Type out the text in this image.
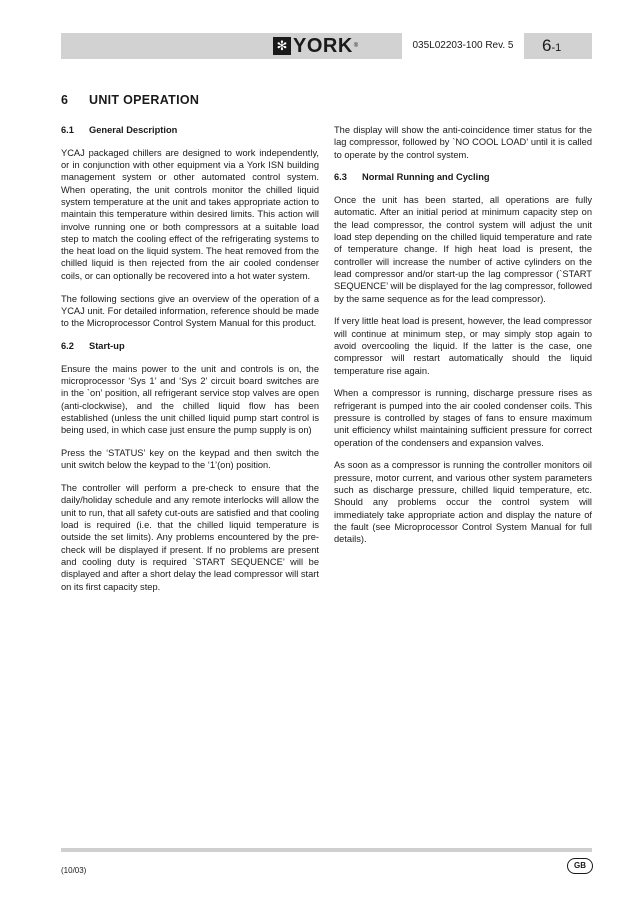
✻ YORK ®	035L02203-100 Rev. 5	6-1
6 UNIT OPERATION
6.1 General Description

YCAJ packaged chillers are designed to work independently, or in conjunction with other equipment via a York ISN building management system or other automated control system. When operating, the unit controls monitor the chilled liquid system temperature at the unit and takes appropriate action to maintain this temperature within desired limits. This action will involve running one or both compressors at a suitable load step to match the cooling effect of the refrigerating systems to the heat load on the liquid system. The heat removed from the chilled liquid is then rejected from the air cooled condenser coils, or can optionally be recovered into a hot water system.

The following sections give an overview of the operation of a YCAJ unit. For detailed information, reference should be made to the Microprocessor Control System Manual for this product.

6.2 Start-up

Ensure the mains power to the unit and controls is on, the microprocessor ‘Sys 1’ and ‘Sys 2’ circuit board switches are in the `on’ position, all refrigerant service stop valves are open (anti-clockwise), and the chilled liquid flow has been established (unless the unit chilled liquid pump start control is being used, in which case just ensure the pump supply is on)

Press the ‘STATUS’ key on the keypad and then switch the unit switch below the keypad to the ‘1’(on) position.

The controller will perform a pre-check to ensure that the daily/holiday schedule and any remote interlocks will allow the unit to run, that all safety cut-outs are satisfied and that cooling load is required (i.e. that the chilled liquid temperature is outside the set limits). Any problems encountered by the pre-check will be displayed if present. If no problems are present and cooling duty is required `START SEQUENCE’ will be displayed and after a short delay the lead compressor will start on its first capacity step.

The display will show the anti-coincidence timer status for the lag compressor, followed by `NO COOL LOAD’ until it is called to operate by the control system.

6.3 Normal Running and Cycling

Once the unit has been started, all operations are fully automatic. After an initial period at minimum capacity step on the lead compressor, the control system will adjust the unit load step depending on the chilled liquid temperature and rate of temperature change. If high heat load is present, the controller will increase the number of active cylinders on the lead compressor and/or start-up the lag compressor (`START SEQUENCE’ will be displayed for the lag compressor, followed by the same sequence as for the lead compressor).

If very little heat load is present, however, the lead compressor will continue at minimum step, or may simply stop again to avoid overcooling the liquid. If the latter is the case, one compressor will restart automatically should the liquid temperature rise again.

When a compressor is running, discharge pressure rises as refrigerant is pumped into the air cooled condenser coils. This pressure is controlled by stages of fans to ensure maximum unit efficiency whilst maintaining sufficient pressure for correct operation of the condensers and expansion valves.

As soon as a compressor is running the controller monitors oil pressure, motor current, and various other system parameters such as discharge pressure, chilled liquid temperature, etc. Should any problems occur the control system will immediately take appropriate action and display the nature of the fault (see Microprocessor Control System Manual for full details).

(10/03)
GB
